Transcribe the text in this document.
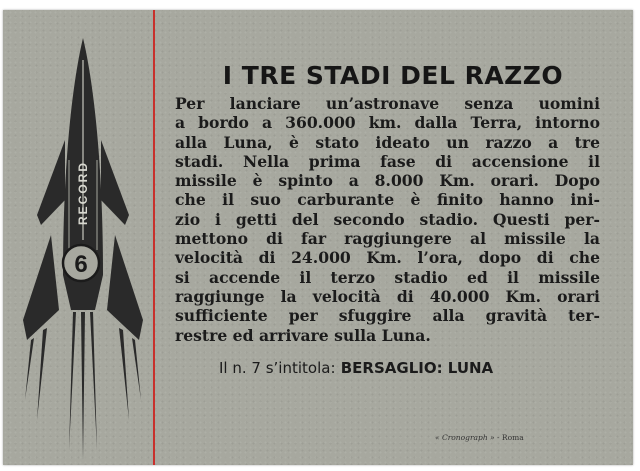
6
RECORD
I TRE STADI DEL RAZZO
Per lanciare un’astronave senza uomini
a bordo a 360.000 km. dalla Terra, intorno
alla Luna, è stato ideato un razzo a tre
stadi. Nella prima fase di accensione il
missile è spinto a 8.000 Km. orari. Dopo
che il suo carburante è finito hanno ini-
zio i getti del secondo stadio. Questi per-
mettono di far raggiungere al missile la
velocità di 24.000 Km. l’ora, dopo di che
si accende il terzo stadio ed il missile
raggiunge la velocità di 40.000 Km. orari
sufficiente per sfuggire alla gravità ter-
restre ed arrivare sulla Luna.

Il n. 7 s’intitola: BERSAGLIO: LUNA

« Cronograph » - Roma
